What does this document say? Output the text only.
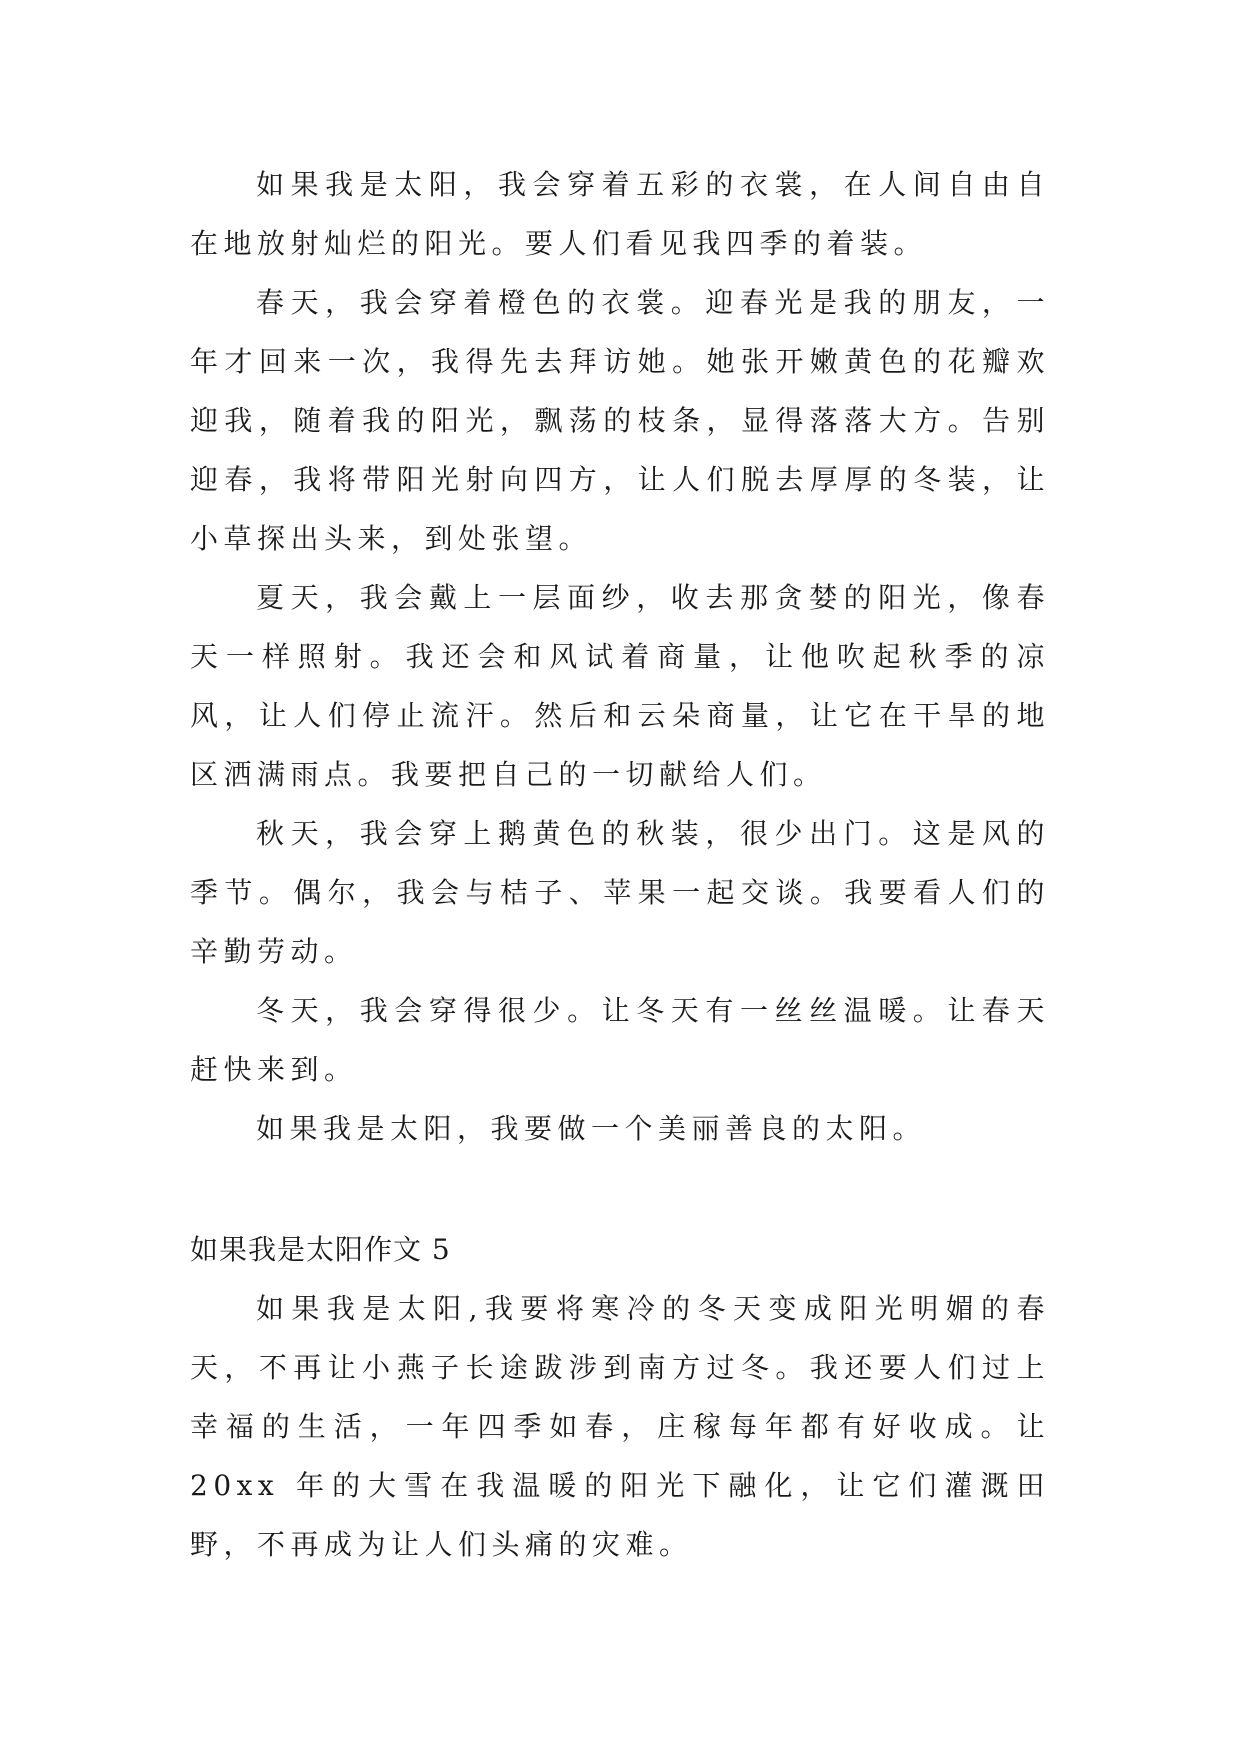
如果我是太阳，我会穿着五彩的衣裳，在人间自由自在地放射灿烂的阳光。要人们看见我四季的着装。

春天，我会穿着橙色的衣裳。迎春光是我的朋友，一年才回来一次，我得先去拜访她。她张开嫩黄色的花瓣欢迎我，随着我的阳光，飘荡的枝条，显得落落大方。告别迎春，我将带阳光射向四方，让人们脱去厚厚的冬装，让小草探出头来，到处张望。

夏天，我会戴上一层面纱，收去那贪婪的阳光，像春天一样照射。我还会和风试着商量，让他吹起秋季的凉风，让人们停止流汗。然后和云朵商量，让它在干旱的地区洒满雨点。我要把自己的一切献给人们。

秋天，我会穿上鹅黄色的秋装，很少出门。这是风的季节。偶尔，我会与桔子、苹果一起交谈。我要看人们的辛勤劳动。

冬天，我会穿得很少。让冬天有一丝丝温暖。让春天赶快来到。

如果我是太阳，我要做一个美丽善良的太阳。

如果我是太阳作文 5

如果我是太阳,我要将寒冷的冬天变成阳光明媚的春天，不再让小燕子长途跋涉到南方过冬。我还要人们过上幸福的生活，一年四季如春，庄稼每年都有好收成。让 20xx 年的大雪在我温暖的阳光下融化，让它们灌溉田野，不再成为让人们头痛的灾难。
